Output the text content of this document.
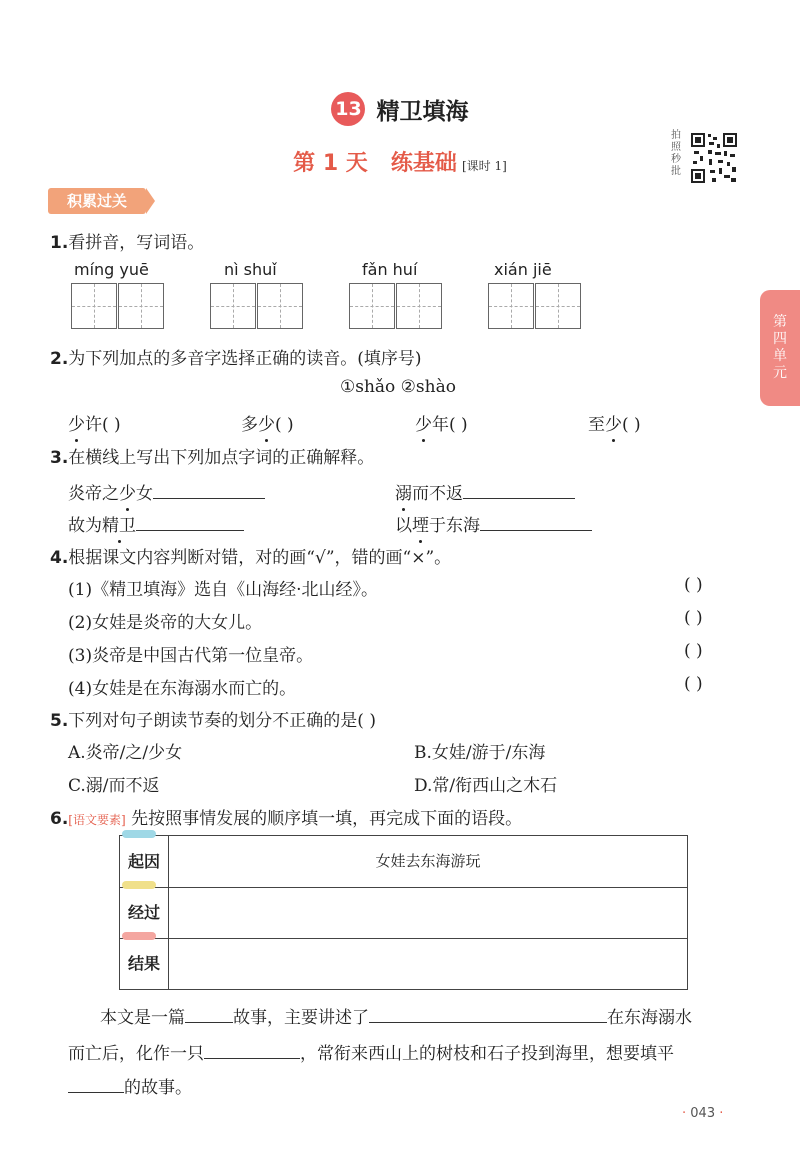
13 精卫填海
第 1 天 练基础 [课时 1]
拍照秒批
第四单元
积累过关
1.看拼音，写词语。
míng yuē	nì shuǐ	fǎn huí	xián jiē
2.为下列加点的多音字选择正确的读音。(填序号)
①shǎo ②shào
少许( )	多少( )	少年( )	至少( )
3.在横线上写出下列加点字词的正确解释。
炎帝之少女	溺而不返
故为精卫	以堙于东海
4.根据课文内容判断对错，对的画“√”，错的画“×”。
(1)《精卫填海》选自《山海经·北山经》。	( )
(2)女娃是炎帝的大女儿。	( )
(3)炎帝是中国古代第一位皇帝。	( )
(4)女娃是在东海溺水而亡的。	( )
5.下列对句子朗读节奏的划分不正确的是( )
A.炎帝/之/少女	B.女娃/游于/东海
C.溺/而不返	D.常/衔西山之木石
6.[语文要素] 先按照事情发展的顺序填一填，再完成下面的语段。
起因	女娃去东海游玩
经过
结果
本文是一篇	故事，主要讲述了	在东海溺水
而亡后，化作一只	，常衔来西山上的树枝和石子投到海里，想要填平
的故事。
· 043 ·
